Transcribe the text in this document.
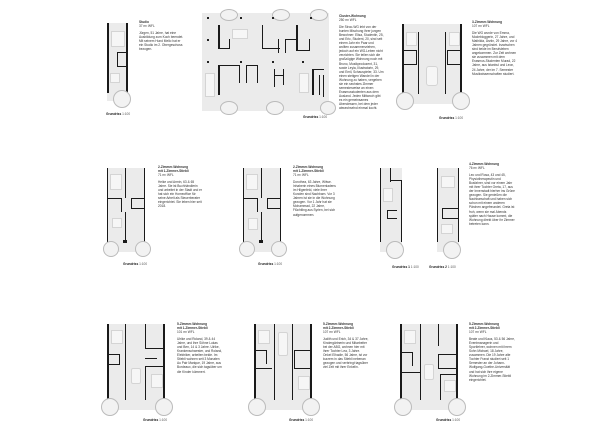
Studio
37 m² WFL
Jürgen, 51 Jahre, hat eine Ausbildung zum Koch beendet. Mit seinem Hund Mello hat er ein Studio im 2. Obergeschoss bezogen.
Grundriss 1:100
Cluster-Wohnung
250 m² WFL
Die Stroo-WG lebt von der bunten Mischung ihrer jungen Bewohner: Elisa, Studentin, 25, und Eric, Student, 20, sind seit einem Jahr ein Paar und wollten zusammenziehen, jedoch auf ein WG-Leben nicht verzichten. Sie teilen sich die großzügige Wohnung noch mit Bruno, Musikproduzent, 31, sowie Leyla, Illustratorin, 29, und Emil, Schauspieler, 33. Um einen stetigen Wandel in der Wohnung zu haben, vergeben sie ein sechstes Zimmer semesterweise an einen Erasmusstudenten aus dem Ausland. Jeden Mittwoch gibt es ein gemeinsames Abendessen, bei dem jeder abwechselnd einmal kocht.
Grundriss 1:100
3-Zimmer-Wohnung
107 m² WFL
Die WG wurde von Emma, Modebloggerin, 27 Jahre, und Mathilda, Ärztin, 29 Jahre, vor 4 Jahren gegründet. Inzwischen sind beide im Berufsleben angekommen. Zur Zeit wohnen sie zusammen mit dem Erasmus-Studenten Murad, 22 Jahre, aus Istanbul und Leon, 24 Jahre, der im 7. Semester Musikwissenschaften studiert.
Grundriss 1:100
2-Zimmer-Wohnung
mit 1-Zimmer-Stiebli
71 m² WFL
Heike und Armin, 63 & 65 Jahre. Sie ist Buchhändlerin und arbeitet in der Stadt und er hat sich ein Homeoffice für seine Arbeit als Steuerberater eingerichtet. Sie leben hier seit 2018.
Grundriss 1:100
2-Zimmer-Wohnung
mit 1-Zimmer-Stiebli
71 m² WFL
Dorothea, 63 Jahre, Witwe. Inhaberin eines Blumenladens im Hilgenfeld, viele ihrer Kunden sind Nachbarn. Vor 3 Jahren ist sie in die Wohnung gezogen. Vor 1 Jahr hat sie Mohammad, 22 Jahre, Flüchtling aus Syrien, bei sich aufgenommen.
Grundriss 1:100
4-Zimmer-Wohnung
76 m² WFL
Leo und Rosa, 43 und 45, Physiotherapeutin und Busfahrer, sind vor einem Jahr mit ihrer Tochter Greta, 17, aus der Innenstadt hierher ins Grüne gezogen. Sie genießen die Nachbarschaft und haben sich schon mit einem anderen Pärchen angefreundet. Greta ist froh, wenn sie mal Abends später nach Hause kommt, die Wohnung direkt über ihr Zimmer betreten kann.
Grundriss 1 1:100	Grundriss 2 1:100
5-Zimmer-Wohnung
mit 1-Zimmer-Stiebli
101 m² WFL
Ulrike und Roland, 39 & 44 Jahre, und ihre Söhne Lukas und Ben, 14 & 3 Jahre. Ulrike, Krankenschwester, und Roland, Elektriker, arbeiten beide. Im Stiebli wohnen seit 3 Monaten Au Pair Marique, 19 Jahre, aus Bordeaux, die sich tagsüber um die Kinder kümmert.
Grundriss 1:100
5-Zimmer-Wohnung
mit 2-Zimmer-Stiebli
107 m² WFL
Judith und Erich, 34 & 37 Jahre, Kindergärtnerin und Mitarbeiter bei der ABG, wohnen hier mit ihrer Tochter Lea, 3 Jahre. Onkel Elhadie, 56 Jahre, ist vor kurzem in das Stiebli nebenan gezogen und verbringt tagsüber viel Zeit mit ihrer Enkelin.
Grundriss 1:100
5-Zimmer-Wohnung
mit 2-Zimmer-Stiebli
107 m² WFL
Beate und Klaus, 53 & 56 Jahre, Eventmanagerin und Sportlehrer, wohnen mit ihrem Sohn Michael, 18 Jahre, zusammen. Die 19 Jahre alte Tochter Franzi studiert seit 1 Semester an der Johann-Wolfgang-Goethe-Universität und hat sich ihre eigene Wohnung im 2-Zimmer-Stiebli eingerichtet.
Grundriss 1:100
